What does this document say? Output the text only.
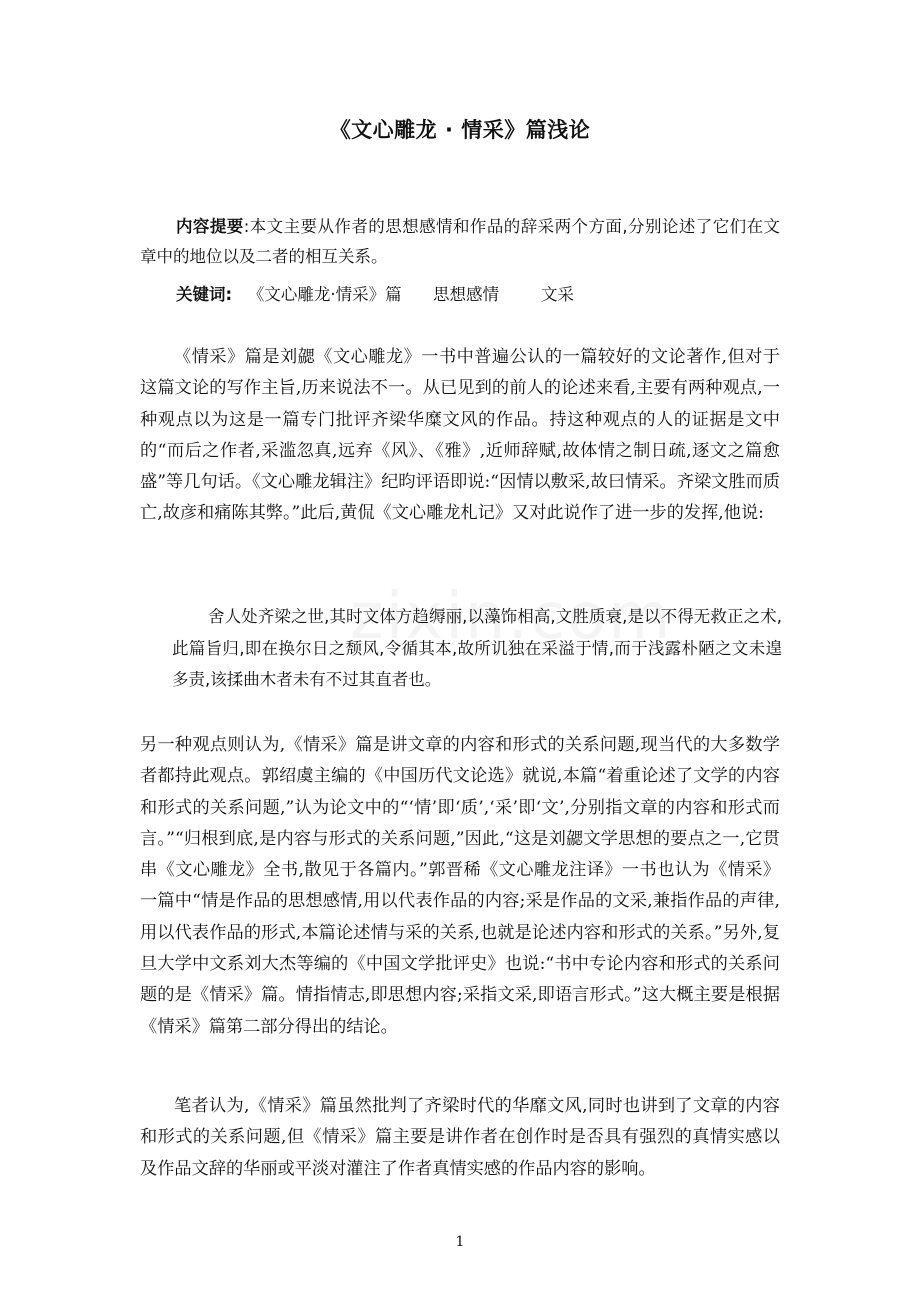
《文心雕龙 · 情采》篇浅论

内容提要:本文主要从作者的思想感情和作品的辞采两个方面,分别论述了它们在文章中的地位以及二者的相互关系。

关键词:   《文心雕龙·情采》篇      思想感情        文采

《情采》篇是刘勰《文心雕龙》一书中普遍公认的一篇较好的文论著作,但对于这篇文论的写作主旨,历来说法不一。从已见到的前人的论述来看,主要有两种观点,一种观点以为这是一篇专门批评齐梁华糜文风的作品。持这种观点的人的证据是文中的“而后之作者,采滥忽真,远弃《风》、《雅》,近师辞赋,故体情之制日疏,逐文之篇愈盛”等几句话。《文心雕龙辑注》纪昀评语即说:“因情以敷采,故曰情采。齐梁文胜而质亡,故彦和痛陈其弊。”此后,黄侃《文心雕龙札记》又对此说作了进一步的发挥,他说:

舍人处齐梁之世,其时文体方趋缛丽,以藻饰相高,文胜质衰,是以不得无救正之术,此篇旨归,即在换尔日之颓风,令循其本,故所讥独在采溢于情,而于浅露朴陋之文未遑多责,该揉曲木者未有不过其直者也。

另一种观点则认为,《情采》篇是讲文章的内容和形式的关系问题,现当代的大多数学者都持此观点。郭绍虞主编的《中国历代文论选》就说,本篇“着重论述了文学的内容和形式的关系问题,”认为论文中的“‘情’即‘质’,‘采’即‘文’,分别指文章的内容和形式而言。”“归根到底,是内容与形式的关系问题,”因此,“这是刘勰文学思想的要点之一,它贯串《文心雕龙》全书,散见于各篇内。”郭晋稀《文心雕龙注译》一书也认为《情采》一篇中“情是作品的思想感情,用以代表作品的内容;采是作品的文采,兼指作品的声律,用以代表作品的形式,本篇论述情与采的关系,也就是论述内容和形式的关系。”另外,复旦大学中文系刘大杰等编的《中国文学批评史》也说:“书中专论内容和形式的关系问题的是《情采》篇。情指情志,即思想内容;采指文采,即语言形式。”这大概主要是根据《情采》篇第二部分得出的结论。

笔者认为,《情采》篇虽然批判了齐梁时代的华靡文风,同时也讲到了文章的内容和形式的关系问题,但《情采》篇主要是讲作者在创作时是否具有强烈的真情实感以及作品文辞的华丽或平淡对灌注了作者真情实感的作品内容的影响。

1
